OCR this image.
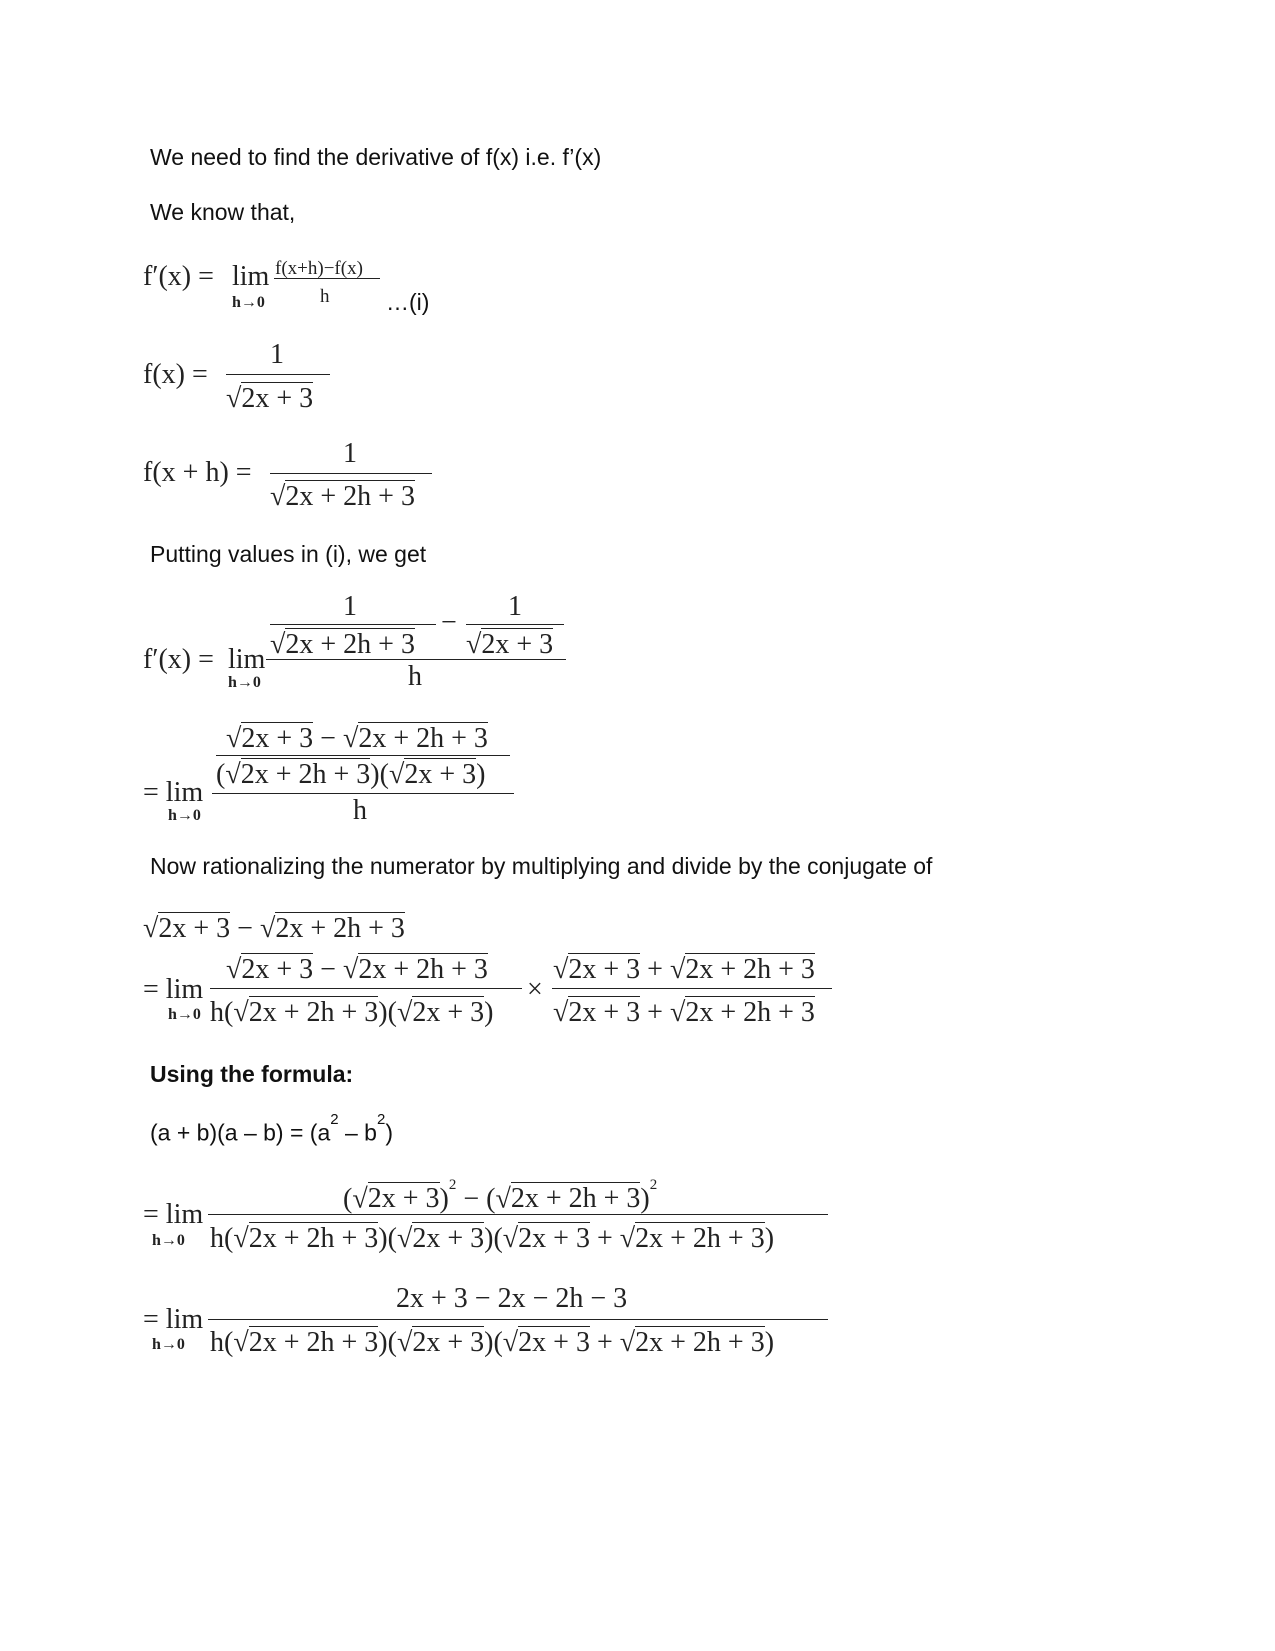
We need to find the derivative of f(x) i.e. f’(x)
We know that,
f′(x) = lim
h→0
f(x+h)−f(x)
h …(i)
f(x) =
1
√2x + 3
f(x + h) =
1
√2x + 2h + 3
Putting values in (i), we get
1	1
−
√2x + 2h + 3 √2x + 3
f′(x) = lim
h→0	h
√2x + 3 − √2x + 2h + 3
(√2x + 2h + 3)(√2x + 3)
= lim
h→0	h
Now rationalizing the numerator by multiplying and divide by the conjugate of
√2x + 3 − √2x + 2h + 3
√2x + 3 − √2x + 2h + 3
= lim	×
√2x + 3 + √2x + 2h + 3
h→0 h(√2x + 2h + 3)(√2x + 3) √2x + 3 + √2x + 2h + 3
Using the formula:
$(a + b)(a - b) = (a^2 - b^2)$
$(√2x + 3)^2 - (√2x + 2h + 3)^2$
= lim
h→0 h(√2x + 2h + 3)(√2x + 3)(√2x + 3 + √2x + 2h + 3)
2x + 3 − 2x − 2h − 3
= lim
h→0 h(√2x + 2h + 3)(√2x + 3)(√2x + 3 + √2x + 2h + 3)
